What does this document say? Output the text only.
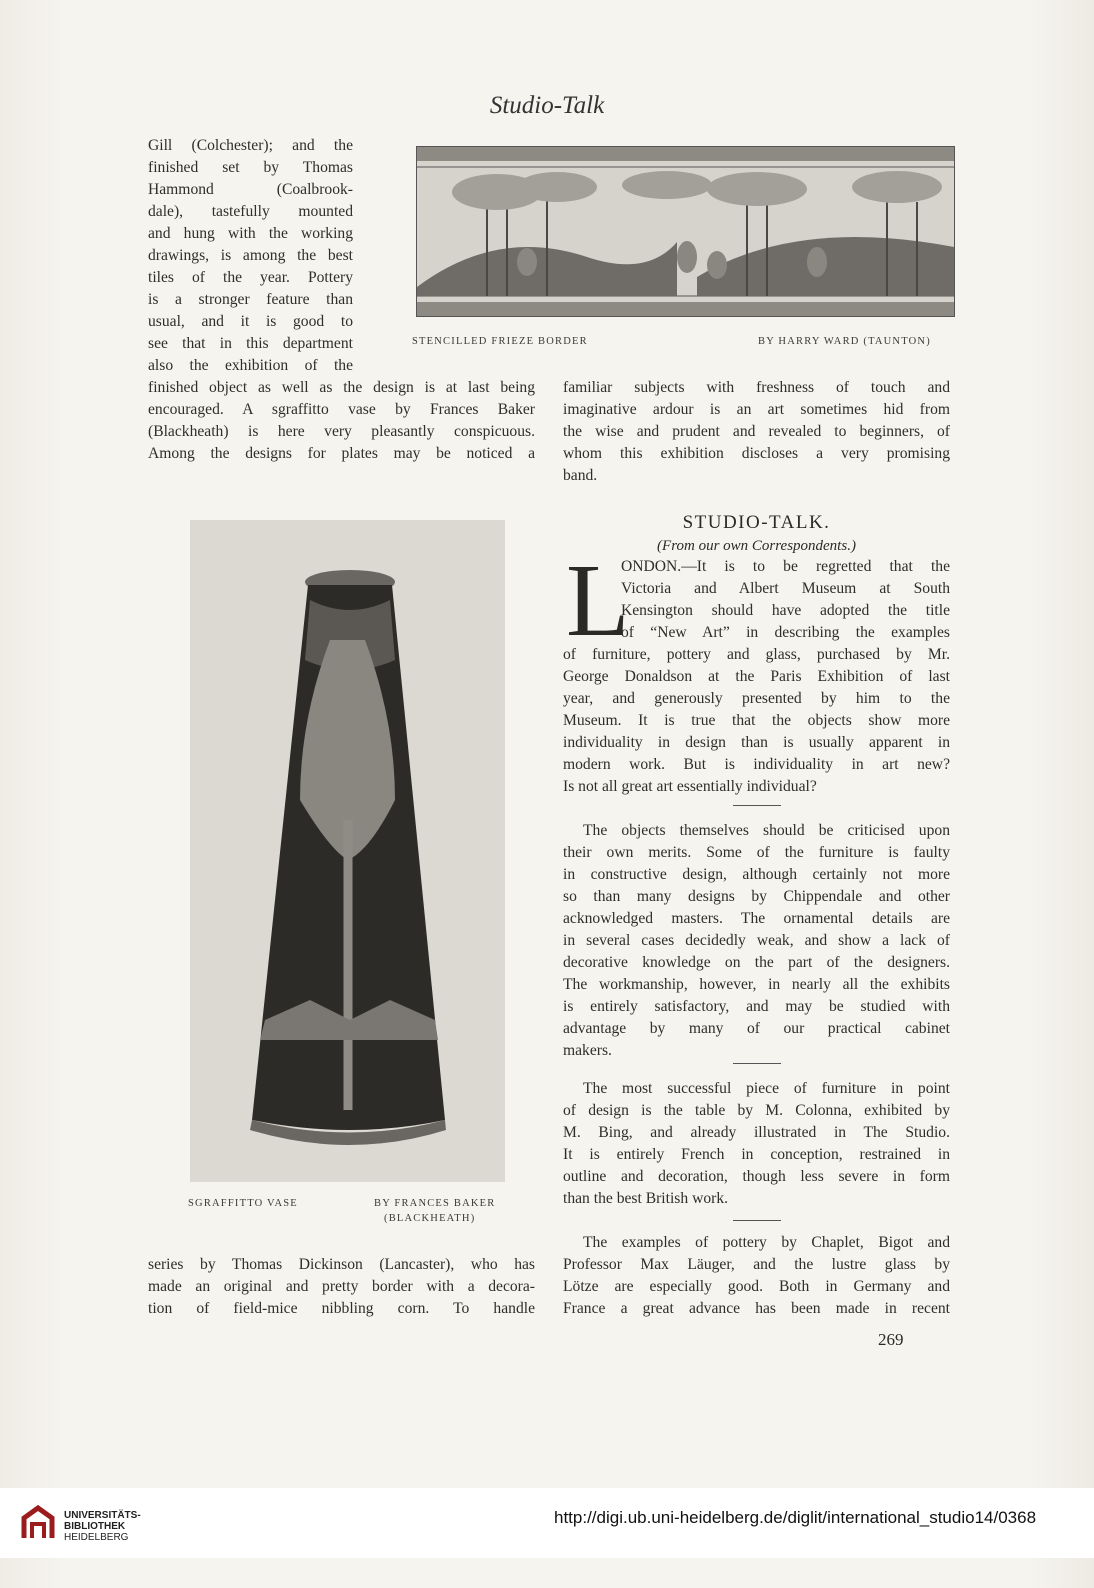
Studio-Talk
Gill (Colchester); and the
finished set by Thomas
Hammond (Coalbrook-
dale), tastefully mounted
and hung with the working
drawings, is among the best
tiles of the year. Pottery
is a stronger feature than
usual, and it is good to
see that in this department
also the exhibition of the
finished object as well as the design is at last being
encouraged. A sgraffitto vase by Frances Baker
(Blackheath) is here very pleasantly conspicuous.
Among the designs for plates may be noticed a
STENCILLED FRIEZE BORDER	BY HARRY WARD (TAUNTON)
familiar subjects with freshness of touch and
imaginative ardour is an art sometimes hid from
the wise and prudent and revealed to beginners, of
whom this exhibition discloses a very promising
band.
SGRAFFITTO VASE	BY FRANCES BAKER
(BLACKHEATH)
series by Thomas Dickinson (Lancaster), who has
made an original and pretty border with a decora-
tion of field-mice nibbling corn. To handle
STUDIO-TALK.
(From our own Correspondents.)
L
ONDON.—It is to be regretted that the
Victoria and Albert Museum at South
Kensington should have adopted the title
of “New Art” in describing the examples
of furniture, pottery and glass, purchased by Mr.
George Donaldson at the Paris Exhibition of last
year, and generously presented by him to the
Museum. It is true that the objects show more
individuality in design than is usually apparent in
modern work. But is individuality in art new?
Is not all great art essentially individual?
The objects themselves should be criticised upon
their own merits. Some of the furniture is faulty
in constructive design, although certainly not more
so than many designs by Chippendale and other
acknowledged masters. The ornamental details are
in several cases decidedly weak, and show a lack of
decorative knowledge on the part of the designers.
The workmanship, however, in nearly all the exhibits
is entirely satisfactory, and may be studied with
advantage by many of our practical cabinet
makers.
The most successful piece of furniture in point
of design is the table by M. Colonna, exhibited by
M. Bing, and already illustrated in The Studio.
It is entirely French in conception, restrained in
outline and decoration, though less severe in form
than the best British work.
The examples of pottery by Chaplet, Bigot and
Professor Max Läuger, and the lustre glass by
Lötze are especially good. Both in Germany and
France a great advance has been made in recent
269
UNIVERSITÄTS-
BIBLIOTHEK
HEIDELBERG
http://digi.ub.uni-heidelberg.de/diglit/international_studio14/0368
